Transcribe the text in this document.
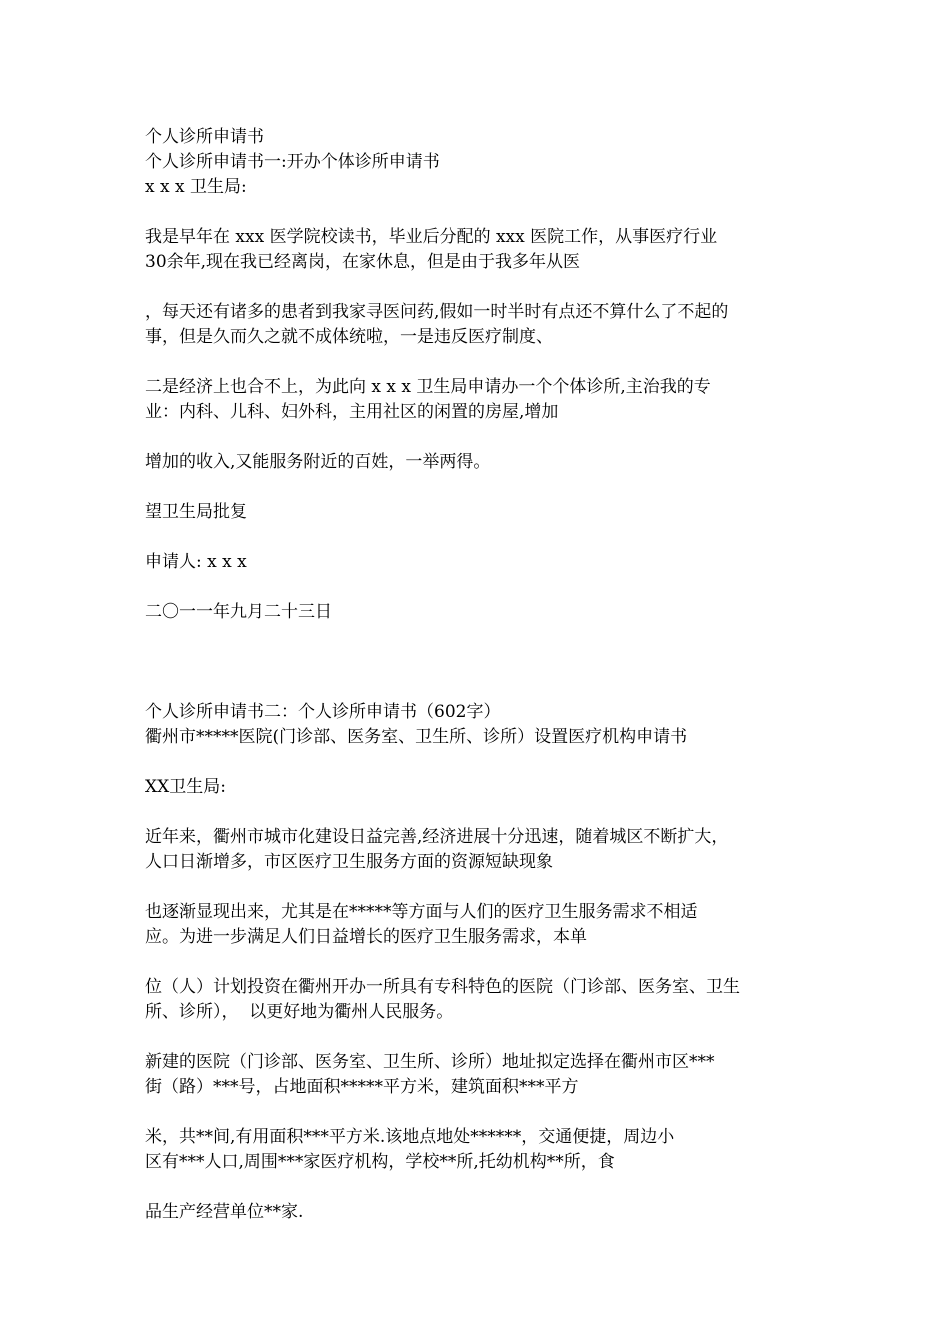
个人诊所申请书
个人诊所申请书一:开办个体诊所申请书
x x x 卫生局:
我是早年在 xxx 医学院校读书，毕业后分配的 xxx 医院工作，从事医疗行业
30余年,现在我已经离岗，在家休息，但是由于我多年从医
，每天还有诸多的患者到我家寻医问药,假如一时半时有点还不算什么了不起的
事，但是久而久之就不成体统啦，一是违反医疗制度、
二是经济上也合不上，为此向 x x x 卫生局申请办一个个体诊所,主治我的专
业：内科、儿科、妇外科，主用社区的闲置的房屋,增加
增加的收入,又能服务附近的百姓，一举两得。
望卫生局批复
申请人: x x x
二〇一一年九月二十三日
个人诊所申请书二：个人诊所申请书（602字）
衢州市*****医院(门诊部、医务室、卫生所、诊所）设置医疗机构申请书
XX卫生局:
近年来，衢州市城市化建设日益完善,经济进展十分迅速，随着城区不断扩大，
人口日渐增多，市区医疗卫生服务方面的资源短缺现象
也逐渐显现出来，尤其是在*****等方面与人们的医疗卫生服务需求不相适
应。为进一步满足人们日益增长的医疗卫生服务需求，本单
位（人）计划投资在衢州开办一所具有专科特色的医院（门诊部、医务室、卫生
所、诊所），  以更好地为衢州人民服务。
新建的医院（门诊部、医务室、卫生所、诊所）地址拟定选择在衢州市区***
街（路）***号，占地面积*****平方米，建筑面积***平方
米，共**间,有用面积***平方米.该地点地处******，交通便捷，周边小
区有***人口,周围***家医疗机构，学校**所,托幼机构**所，食
品生产经营单位**家.
